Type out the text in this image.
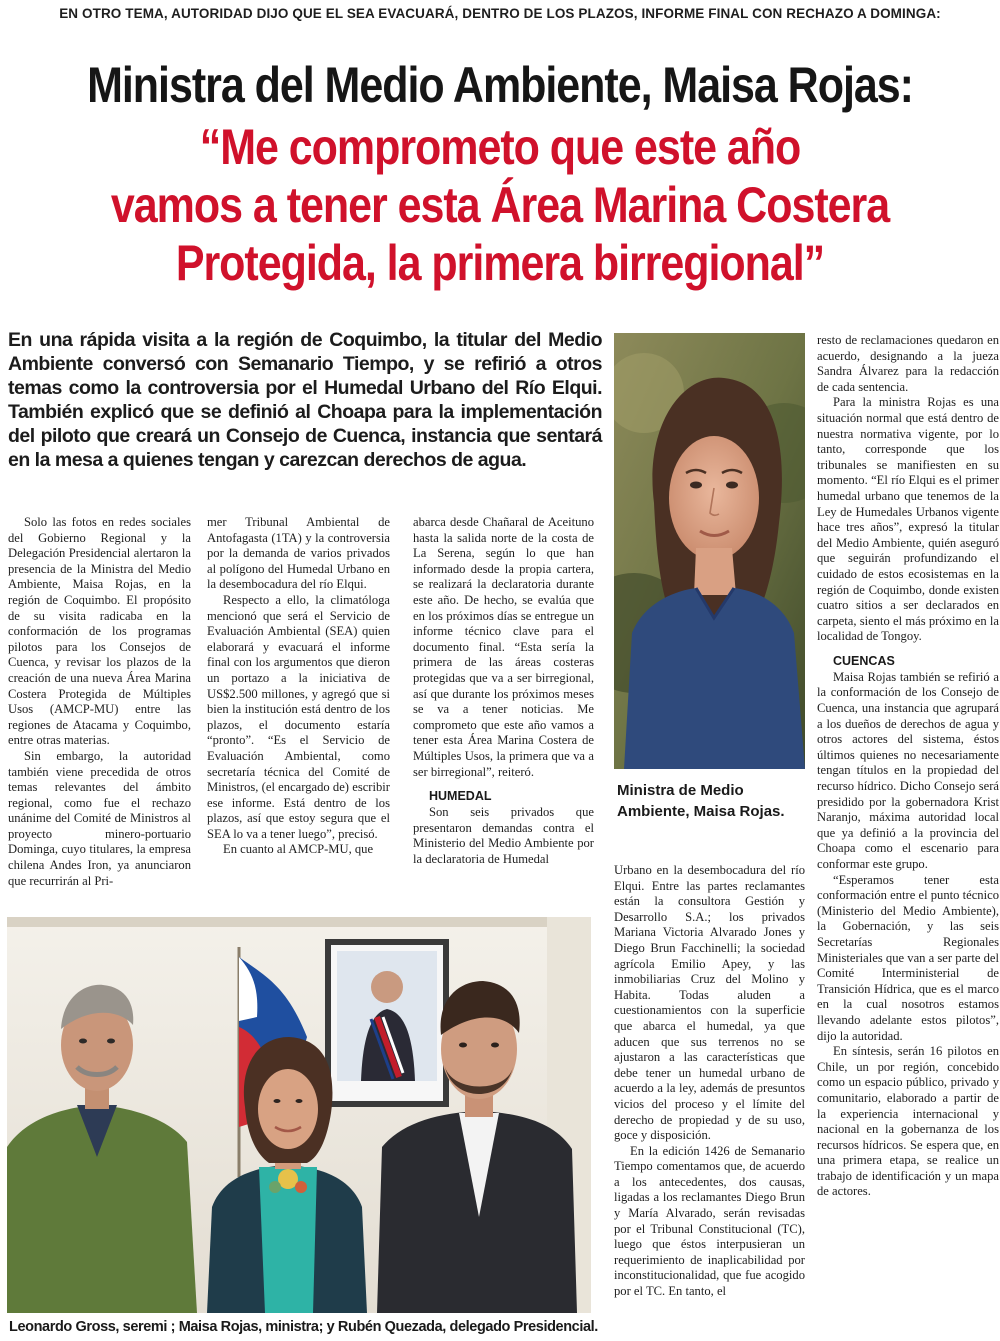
EN OTRO TEMA, AUTORIDAD DIJO QUE EL SEA EVACUARÁ, DENTRO DE LOS PLAZOS, INFORME FINAL CON RECHAZO A DOMINGA:
Ministra del Medio Ambiente, Maisa Rojas:
“Me comprometo que este año
vamos a tener esta Área Marina Costera
Protegida, la primera birregional”

En una rápida visita a la región de Coquimbo, la titular del Medio Ambiente conversó con Semanario Tiempo, y se refirió a otros temas como la controversia por el Humedal Urbano del Río Elqui. También explicó que se definió al Choapa para la implementación del piloto que creará un Consejo de Cuenca, instancia que sentará en la mesa a quienes tengan y carezcan derechos de agua.

Solo las fotos en redes sociales del Gobierno Regional y la Delegación Presidencial alertaron la presencia de la Ministra del Medio Ambiente, Maisa Rojas, en la región de Coquimbo. El propósito de su visita radicaba en la conformación de los programas pilotos para los Consejos de Cuenca, y revisar los plazos de la creación de una nueva Área Marina Costera Protegida de Múltiples Usos (AMCP-MU) entre las regiones de Atacama y Coquimbo, entre otras materias.

Sin embargo, la autoridad también viene precedida de otros temas relevantes del ámbito regional, como fue el rechazo unánime del Comité de Ministros al proyecto minero-portuario Dominga, cuyo titulares, la empresa chilena Andes Iron, ya anunciaron que recurrirán al Pri-

mer Tribunal Ambiental de Antofagasta (1TA) y la controversia por la demanda de varios privados al polígono del Humedal Urbano en la desembocadura del río Elqui.

Respecto a ello, la climatóloga mencionó que será el Servicio de Evaluación Ambiental (SEA) quien elaborará y evacuará el informe final con los argumentos que dieron un portazo a la iniciativa de US$2.500 millones, y agregó que si bien la institución está dentro de los plazos, el documento estaría “pronto”. “Es el Servicio de Evaluación Ambiental, como secretaría técnica del Comité de Ministros, (el encargado de) escribir ese informe. Está dentro de los plazos, así que estoy segura que el SEA lo va a tener luego”, precisó.

En cuanto al AMCP-MU, que

abarca desde Chañaral de Aceituno hasta la salida norte de la costa de La Serena, según lo que han informado desde la propia cartera, se realizará la declaratoria durante este año. De hecho, se evalúa que en los próximos días se entregue un informe técnico clave para el documento final. “Esta sería la primera de las áreas costeras protegidas que va a ser birregional, así que durante los próximos meses se va a tener noticias. Me comprometo que este año vamos a tener esta Área Marina Costera de Múltiples Usos, la primera que va a ser birregional”, reiteró.

HUMEDAL

Son seis privados que presentaron demandas contra el Ministerio del Medio Ambiente por la declaratoria de Humedal

Ministra de Medio Ambiente, Maisa Rojas.

resto de reclamaciones quedaron en acuerdo, designando a la jueza Sandra Álvarez para la redacción de cada sentencia.

Para la ministra Rojas es una situación normal que está dentro de nuestra normativa vigente, por lo tanto, corresponde que los tribunales se manifiesten en su momento. “El río Elqui es el primer humedal urbano que tenemos de la Ley de Humedales Urbanos vigente hace tres años”, expresó la titular del Medio Ambiente, quién aseguró que seguirán profundizando el cuidado de estos ecosistemas en la región de Coquimbo, donde existen cuatro sitios a ser declarados en carpeta, siento el más próximo en la localidad de Tongoy.

CUENCAS

Maisa Rojas también se refirió a la conformación de los Consejo de Cuenca, una instancia que agrupará a los dueños de derechos de agua y otros actores del sistema, éstos últimos quienes no necesariamente tengan títulos en la propiedad del recurso hídrico. Dicho Consejo será presidido por la gobernadora Krist Naranjo, máxima autoridad local que ya definió a la provincia del Choapa como el escenario para conformar este grupo.

“Esperamos tener esta conformación entre el punto técnico (Ministerio del Medio Ambiente), la Gobernación, y las seis Secretarías Regionales Ministeriales que van a ser parte del Comité Interministerial de Transición Hídrica, que es el marco en la cual nosotros estamos llevando adelante estos pilotos”, dijo la autoridad.

En síntesis, serán 16 pilotos en Chile, un por región, concebido como un espacio público, privado y comunitario, elaborado a partir de la experiencia internacional y nacional en la gobernanza de los recursos hídricos. Se espera que, en una primera etapa, se realice un trabajo de identificación y un mapa de actores.

Urbano en la desembocadura del río Elqui. Entre las partes reclamantes están la consultora Gestión y Desarrollo S.A.; los privados Mariana Victoria Alvarado Jones y Diego Brun Facchinelli; la sociedad agrícola Emilio Apey, y las inmobiliarias Cruz del Molino y Habita. Todas aluden a cuestionamientos con la superficie que abarca el humedal, ya que aducen que sus terrenos no se ajustaron a las características que debe tener un humedal urbano de acuerdo a la ley, además de presuntos vicios del proceso y el límite del derecho de propiedad y de su uso, goce y disposición.

En la edición 1426 de Semanario Tiempo comentamos que, de acuerdo a los antecedentes, dos causas, ligadas a los reclamantes Diego Brun y María Alvarado, serán revisadas por el Tribunal Constitucional (TC), luego que éstos interpusieran un requerimiento de inaplicabilidad por inconstitucionalidad, que fue acogido por el TC. En tanto, el

Leonardo Gross, seremi ; Maisa Rojas, ministra; y Rubén Quezada, delegado Presidencial.
